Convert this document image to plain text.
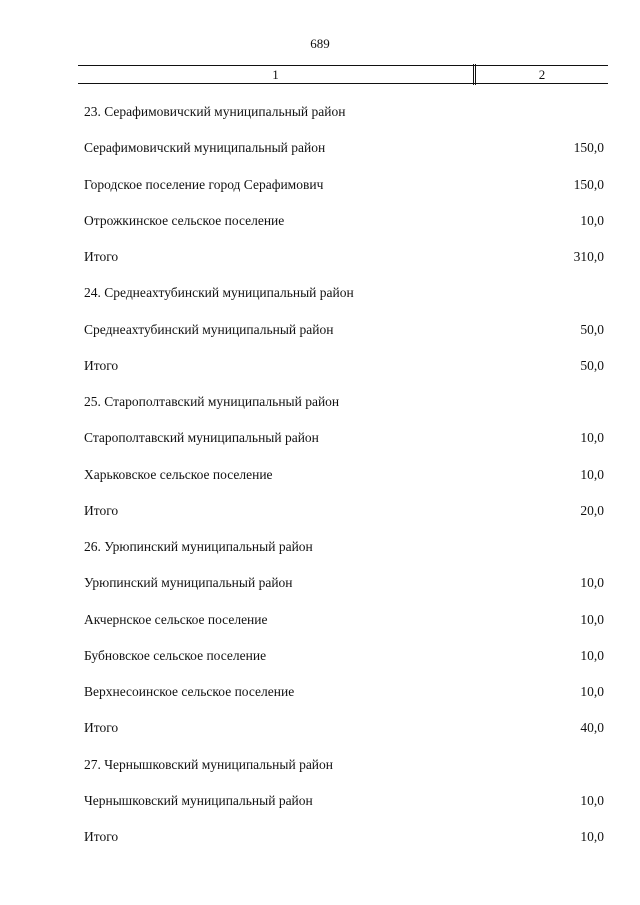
689
1	2
23. Серафимовичский муниципальный район
Серафимовичский муниципальный район	150,0
Городское поселение город Серафимович	150,0
Отрожкинское сельское поселение	10,0
Итого	310,0
24. Среднеахтубинский муниципальный район
Среднеахтубинский муниципальный район	50,0
Итого	50,0
25. Старополтавский муниципальный район
Старополтавский муниципальный район	10,0
Харьковское сельское поселение	10,0
Итого	20,0
26. Урюпинский муниципальный район
Урюпинский муниципальный район	10,0
Акчернское сельское поселение	10,0
Бубновское сельское поселение	10,0
Верхнесоинское сельское поселение	10,0
Итого	40,0
27. Чернышковский муниципальный район
Чернышковский муниципальный район	10,0
Итого	10,0
